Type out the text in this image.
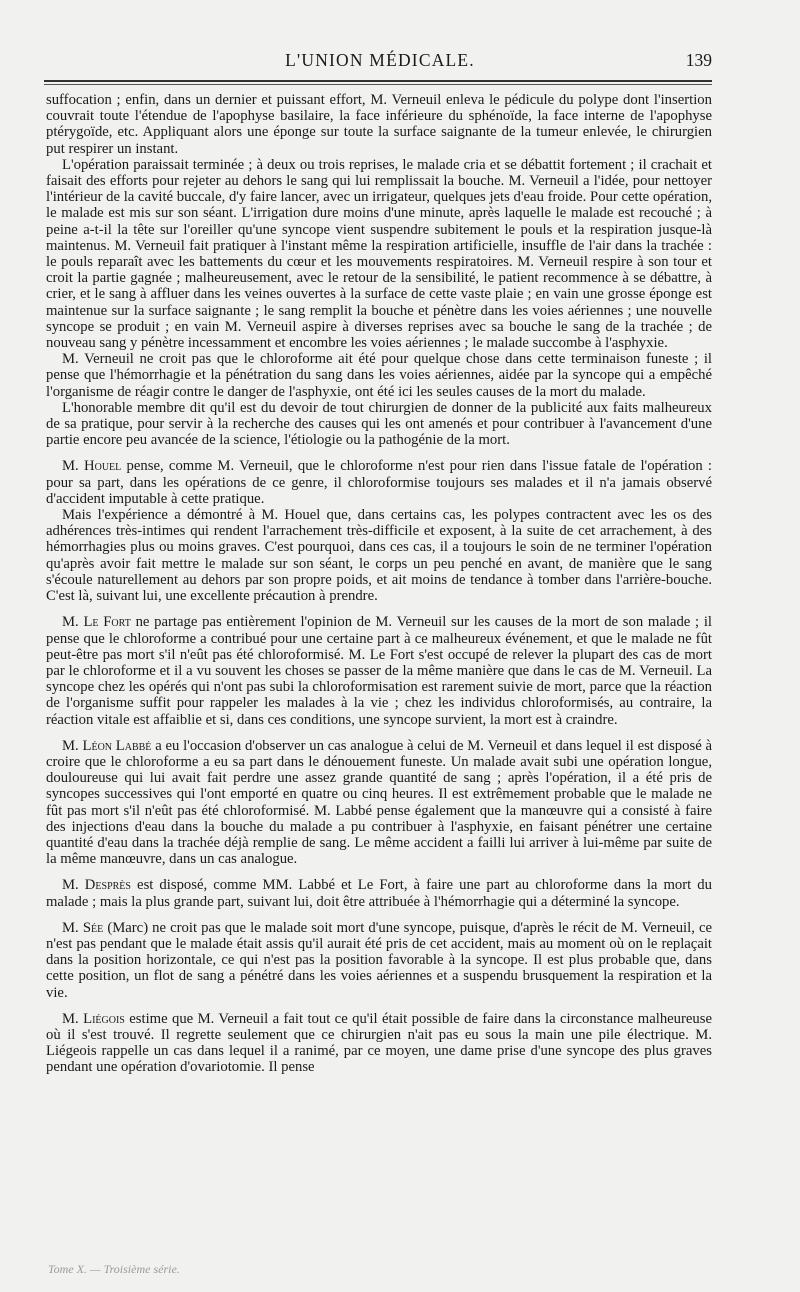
L'UNION MÉDICALE.	139

suffocation ; enfin, dans un dernier et puissant effort, M. Verneuil enleva le pédicule du polype dont l'insertion couvrait toute l'étendue de l'apophyse basilaire, la face inférieure du sphénoïde, la face interne de l'apophyse ptérygoïde, etc. Appliquant alors une éponge sur toute la surface saignante de la tumeur enlevée, le chirurgien put respirer un instant.

L'opération paraissait terminée ; à deux ou trois reprises, le malade cria et se débattit fortement ; il crachait et faisait des efforts pour rejeter au dehors le sang qui lui remplissait la bouche. M. Verneuil a l'idée, pour nettoyer l'intérieur de la cavité buccale, d'y faire lancer, avec un irrigateur, quelques jets d'eau froide. Pour cette opération, le malade est mis sur son séant. L'irrigation dure moins d'une minute, après laquelle le malade est recouché ; à peine a-t-il la tête sur l'oreiller qu'une syncope vient suspendre subitement le pouls et la respiration jusque-là maintenus. M. Verneuil fait pratiquer à l'instant même la respiration artificielle, insuffle de l'air dans la trachée : le pouls reparaît avec les battements du cœur et les mouvements respiratoires. M. Verneuil respire à son tour et croit la partie gagnée ; malheureusement, avec le retour de la sensibilité, le patient recommence à se débattre, à crier, et le sang à affluer dans les veines ouvertes à la surface de cette vaste plaie ; en vain une grosse éponge est maintenue sur la surface saignante ; le sang remplit la bouche et pénètre dans les voies aériennes ; une nouvelle syncope se produit ; en vain M. Verneuil aspire à diverses reprises avec sa bouche le sang de la trachée ; de nouveau sang y pénètre incessamment et encombre les voies aériennes ; le malade succombe à l'asphyxie.

M. Verneuil ne croit pas que le chloroforme ait été pour quelque chose dans cette terminaison funeste ; il pense que l'hémorrhagie et la pénétration du sang dans les voies aériennes, aidée par la syncope qui a empêché l'organisme de réagir contre le danger de l'asphyxie, ont été ici les seules causes de la mort du malade.

L'honorable membre dit qu'il est du devoir de tout chirurgien de donner de la publicité aux faits malheureux de sa pratique, pour servir à la recherche des causes qui les ont amenés et pour contribuer à l'avancement d'une partie encore peu avancée de la science, l'étiologie ou la pathogénie de la mort.

M. Houel pense, comme M. Verneuil, que le chloroforme n'est pour rien dans l'issue fatale de l'opération : pour sa part, dans les opérations de ce genre, il chloroformise toujours ses malades et il n'a jamais observé d'accident imputable à cette pratique.

Mais l'expérience a démontré à M. Houel que, dans certains cas, les polypes contractent avec les os des adhérences très-intimes qui rendent l'arrachement très-difficile et exposent, à la suite de cet arrachement, à des hémorrhagies plus ou moins graves. C'est pourquoi, dans ces cas, il a toujours le soin de ne terminer l'opération qu'après avoir fait mettre le malade sur son séant, le corps un peu penché en avant, de manière que le sang s'écoule naturellement au dehors par son propre poids, et ait moins de tendance à tomber dans l'arrière-bouche. C'est là, suivant lui, une excellente précaution à prendre.

M. Le Fort ne partage pas entièrement l'opinion de M. Verneuil sur les causes de la mort de son malade ; il pense que le chloroforme a contribué pour une certaine part à ce malheureux événement, et que le malade ne fût peut-être pas mort s'il n'eût pas été chloroformisé. M. Le Fort s'est occupé de relever la plupart des cas de mort par le chloroforme et il a vu souvent les choses se passer de la même manière que dans le cas de M. Verneuil. La syncope chez les opérés qui n'ont pas subi la chloroformisation est rarement suivie de mort, parce que la réaction de l'organisme suffit pour rappeler les malades à la vie ; chez les individus chloroformisés, au contraire, la réaction vitale est affaiblie et si, dans ces conditions, une syncope survient, la mort est à craindre.

M. Léon Labbé a eu l'occasion d'observer un cas analogue à celui de M. Verneuil et dans lequel il est disposé à croire que le chloroforme a eu sa part dans le dénouement funeste. Un malade avait subi une opération longue, douloureuse qui lui avait fait perdre une assez grande quantité de sang ; après l'opération, il a été pris de syncopes successives qui l'ont emporté en quatre ou cinq heures. Il est extrêmement probable que le malade ne fût pas mort s'il n'eût pas été chloroformisé. M. Labbé pense également que la manœuvre qui a consisté à faire des injections d'eau dans la bouche du malade a pu contribuer à l'asphyxie, en faisant pénétrer une certaine quantité d'eau dans la trachée déjà remplie de sang. Le même accident a failli lui arriver à lui-même par suite de la même manœuvre, dans un cas analogue.

M. Desprès est disposé, comme MM. Labbé et Le Fort, à faire une part au chloroforme dans la mort du malade ; mais la plus grande part, suivant lui, doit être attribuée à l'hémorrhagie qui a déterminé la syncope.

M. Sée (Marc) ne croit pas que le malade soit mort d'une syncope, puisque, d'après le récit de M. Verneuil, ce n'est pas pendant que le malade était assis qu'il aurait été pris de cet accident, mais au moment où on le replaçait dans la position horizontale, ce qui n'est pas la position favorable à la syncope. Il est plus probable que, dans cette position, un flot de sang a pénétré dans les voies aériennes et a suspendu brusquement la respiration et la vie.

M. Liégois estime que M. Verneuil a fait tout ce qu'il était possible de faire dans la circonstance malheureuse où il s'est trouvé. Il regrette seulement que ce chirurgien n'ait pas eu sous la main une pile électrique. M. Liégeois rappelle un cas dans lequel il a ranimé, par ce moyen, une dame prise d'une syncope des plus graves pendant une opération d'ovariotomie. Il pense

Tome X. — Troisième série.
